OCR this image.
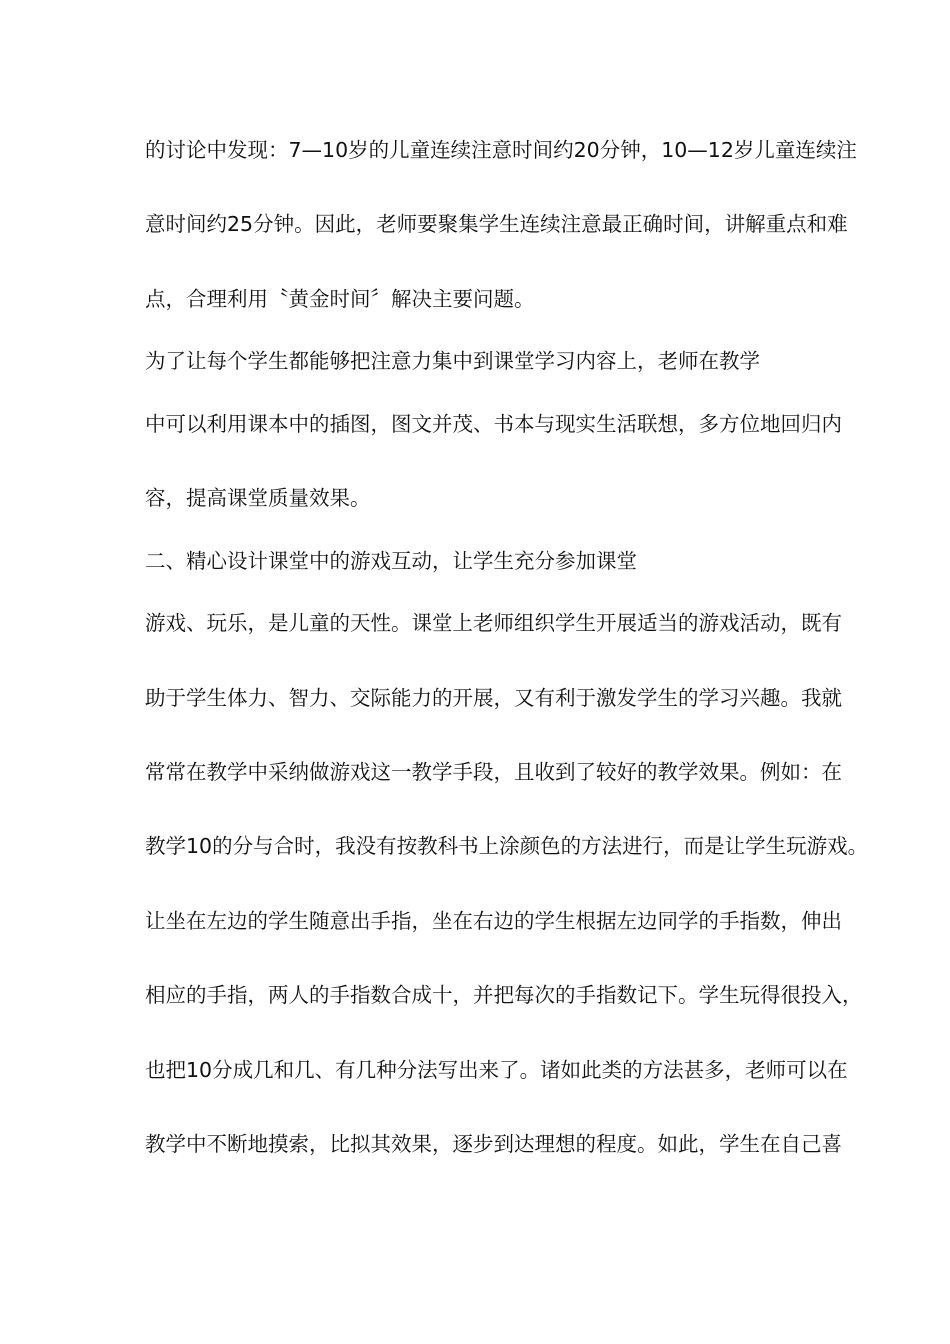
的讨论中发现：7—10岁的儿童连续注意时间约20分钟，10—12岁儿童连续注
意时间约25分钟。因此，老师要聚集学生连续注意最正确时间，讲解重点和难
点，合理利用〝黄金时间〞解决主要问题。
为了让每个学生都能够把注意力集中到课堂学习内容上，老师在教学
中可以利用课本中的插图，图文并茂、书本与现实生活联想，多方位地回归内
容，提高课堂质量效果。
二、精心设计课堂中的游戏互动，让学生充分参加课堂
游戏、玩乐，是儿童的天性。课堂上老师组织学生开展适当的游戏活动，既有
助于学生体力、智力、交际能力的开展，又有利于激发学生的学习兴趣。我就
常常在教学中采纳做游戏这一教学手段，且收到了较好的教学效果。例如：在
教学10的分与合时，我没有按教科书上涂颜色的方法进行，而是让学生玩游戏。
让坐在左边的学生随意出手指，坐在右边的学生根据左边同学的手指数，伸出
相应的手指，两人的手指数合成十，并把每次的手指数记下。学生玩得很投入，
也把10分成几和几、有几种分法写出来了。诸如此类的方法甚多，老师可以在
教学中不断地摸索，比拟其效果，逐步到达理想的程度。如此，学生在自己喜
